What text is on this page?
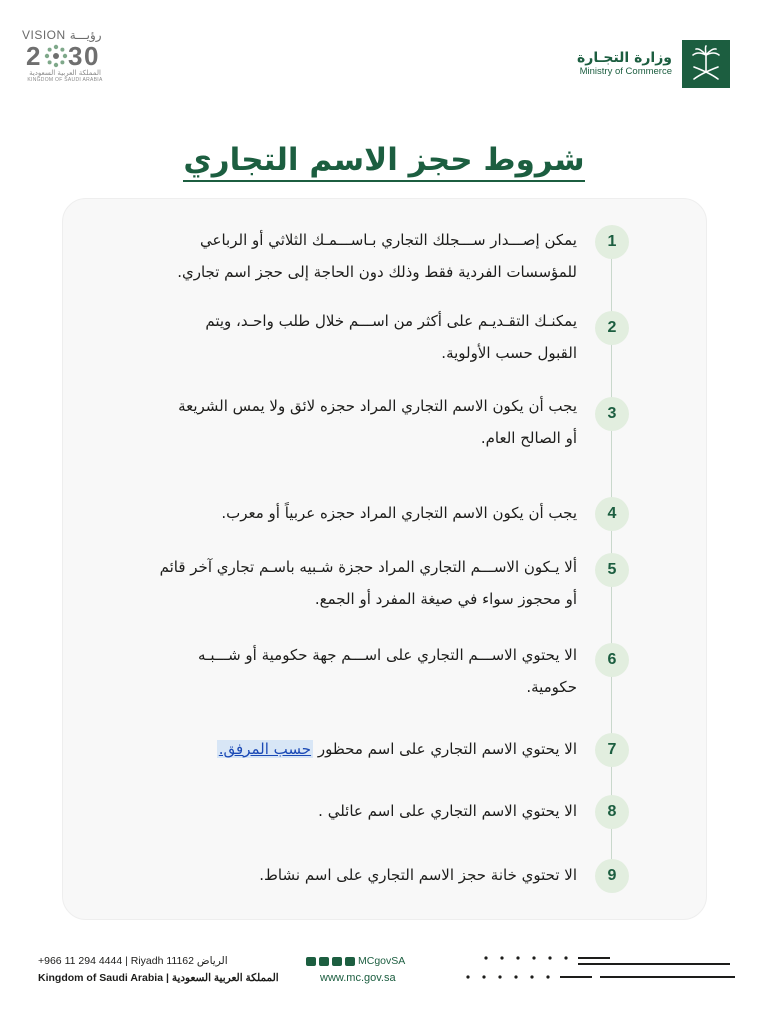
VISION رؤيـــة
2 3 0
المملكة العربية السعودية
KINGDOM OF SAUDI ARABIA
وزارة التجـارة
Ministry of Commerce
شروط حجز الاسم التجاري
1

يمكن إصـــدار ســـجلك التجاري بـاســـمـك الثلاثي أو الرباعي

للمؤسسات الفردية فقط وذلك دون الحاجة إلى حجز اسم تجاري.

2

يمكنـك التقـديـم على أكثر من اســـم خلال طلب واحـد، ويتم

القبول حسب الأولوية.

3

يجب أن يكون الاسم التجاري المراد حجزه لائق ولا يمس الشريعة

أو الصالح العام.

4

يجب أن يكون الاسم التجاري المراد حجزه عربياً أو معرب.

5

ألا يـكون الاســـم التجاري المراد حجزة شـبيه باسـم تجاري آخر قائم

أو محجوز سواء في صيغة المفرد أو الجمع.

6

الا يحتوي الاســـم التجاري على اســـم جهة حكومية أو شـــبـه

حكومية.

7

الا يحتوي الاسم التجاري على اسم محظور حسب المرفق.

8

الا يحتوي الاسم التجاري على اسم عائلي .

9

الا تحتوي خانة حجز الاسم التجاري على اسم نشاط.

+966 11 294 4444 | Riyadh 11162 الرياض
Kingdom of Saudi Arabia | المملكة العربية السعودية
MCgovSA
www.mc.gov.sa
